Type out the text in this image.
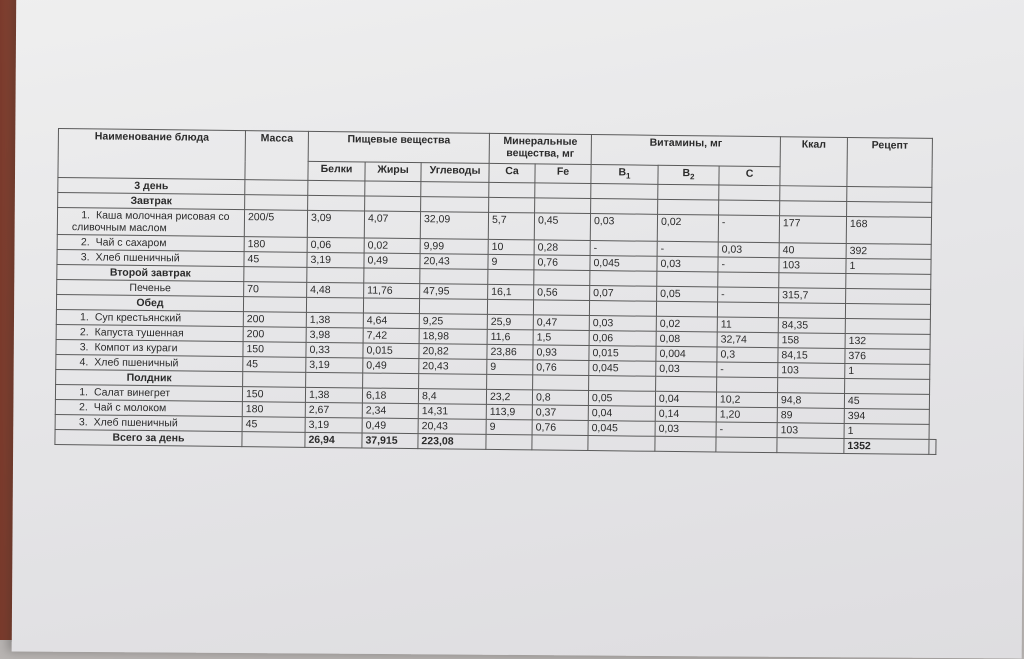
Наименование блюда	Масса	Пищевые вещества			Минеральные вещества, мг		Витамины, мг			Ккал	Рецепт	
		Белки	Жиры	Углеводы	Ca	Fe	$B_1$	$B_2$	C			
3 день												
Завтрак												
1. Каша молочная рисовая со сливочным маслом	200/5	3,09	4,07	32,09	5,7	0,45	0,03	0,02	-	177	168	
2. Чай с сахаром	180	0,06	0,02	9,99	10	0,28	-	-	0,03	40	392	
3. Хлеб пшеничный	45	3,19	0,49	20,43	9	0,76	0,045	0,03	-	103	1	
Второй завтрак												
Печенье	70	4,48	11,76	47,95	16,1	0,56	0,07	0,05	-	315,7		
Обед												
1. Суп крестьянский	200	1,38	4,64	9,25	25,9	0,47	0,03	0,02	11	84,35		
2. Капуста тушенная	200	3,98	7,42	18,98	11,6	1,5	0,06	0,08	32,74	158	132	
3. Компот из кураги	150	0,33	0,015	20,82	23,86	0,93	0,015	0,004	0,3	84,15	376	
4. Хлеб пшеничный	45	3,19	0,49	20,43	9	0,76	0,045	0,03	-	103	1	
Полдник												
1. Салат винегрет	150	1,38	6,18	8,4	23,2	0,8	0,05	0,04	10,2	94,8	45	
2. Чай с молоком	180	2,67	2,34	14,31	113,9	0,37	0,04	0,14	1,20	89	394	
3. Хлеб пшеничный	45	3,19	0,49	20,43	9	0,76	0,045	0,03	-	103	1	
Всего за день		26,94	37,915	223,08							1352	
